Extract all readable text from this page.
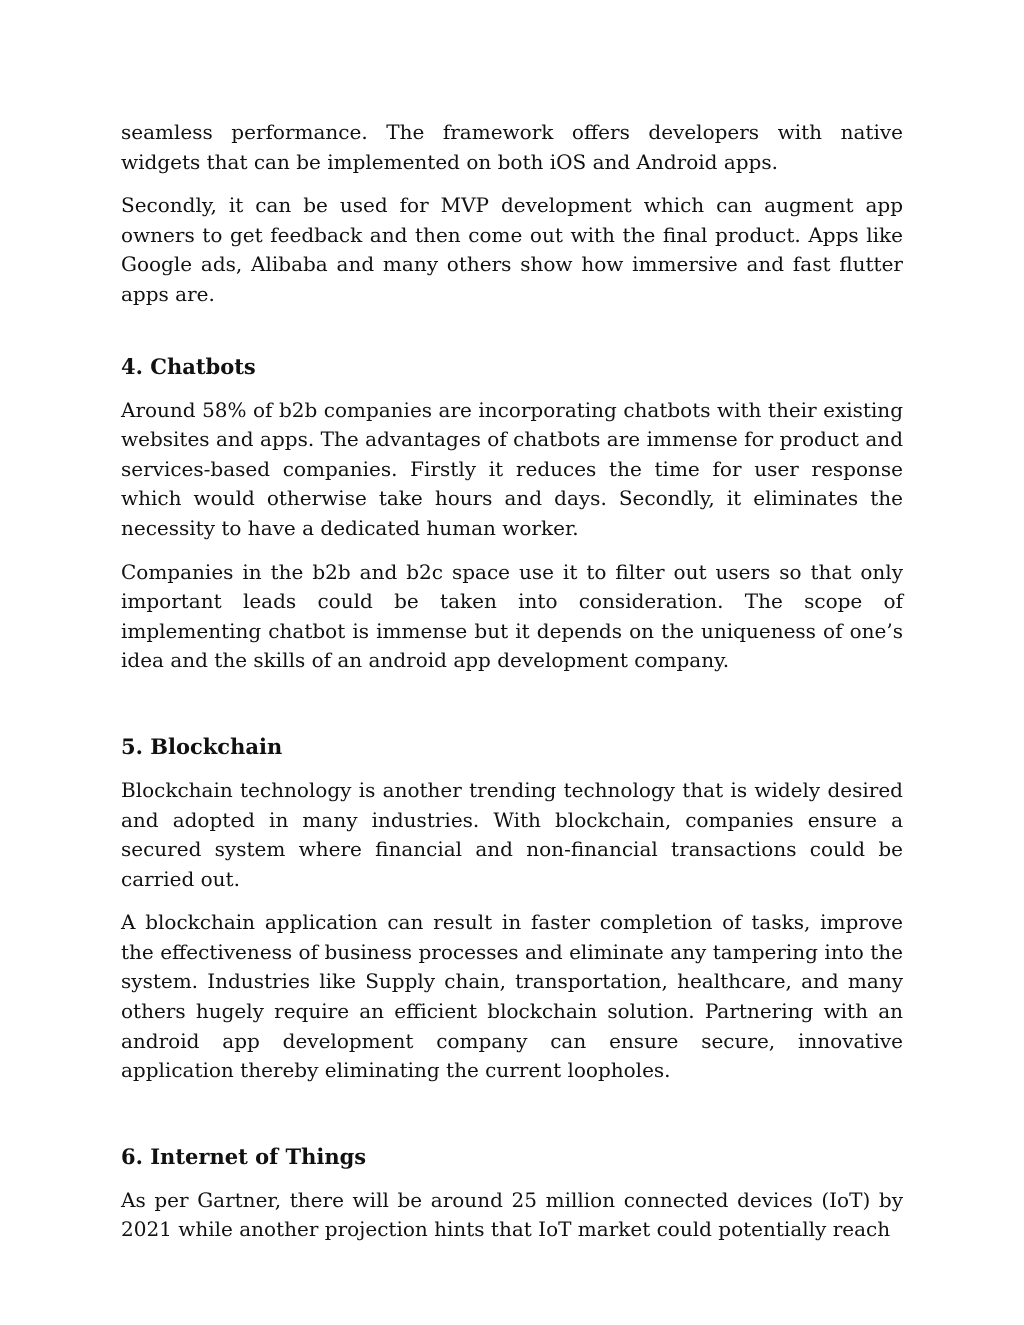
seamless performance. The framework offers developers with native widgets that can be implemented on both iOS and Android apps.

Secondly, it can be used for MVP development which can augment app owners to get feedback and then come out with the final product. Apps like Google ads, Alibaba and many others show how immersive and fast flutter apps are.

4. Chatbots

Around 58% of b2b companies are incorporating chatbots with their existing websites and apps. The advantages of chatbots are immense for product and services-based companies. Firstly it reduces the time for user response which would otherwise take hours and days. Secondly, it eliminates the necessity to have a dedicated human worker.

Companies in the b2b and b2c space use it to filter out users so that only important leads could be taken into consideration. The scope of implementing chatbot is immense but it depends on the uniqueness of one’s idea and the skills of an android app development company.

5. Blockchain

Blockchain technology is another trending technology that is widely desired and adopted in many industries. With blockchain, companies ensure a secured system where financial and non-financial transactions could be carried out.

A blockchain application can result in faster completion of tasks, improve the effectiveness of business processes and eliminate any tampering into the system. Industries like Supply chain, transportation, healthcare, and many others hugely require an efficient blockchain solution. Partnering with an android app development company can ensure secure, innovative application thereby eliminating the current loopholes.

6. Internet of Things

As per Gartner, there will be around 25 million connected devices (IoT) by 2021 while another projection hints that IoT market could potentially reach
